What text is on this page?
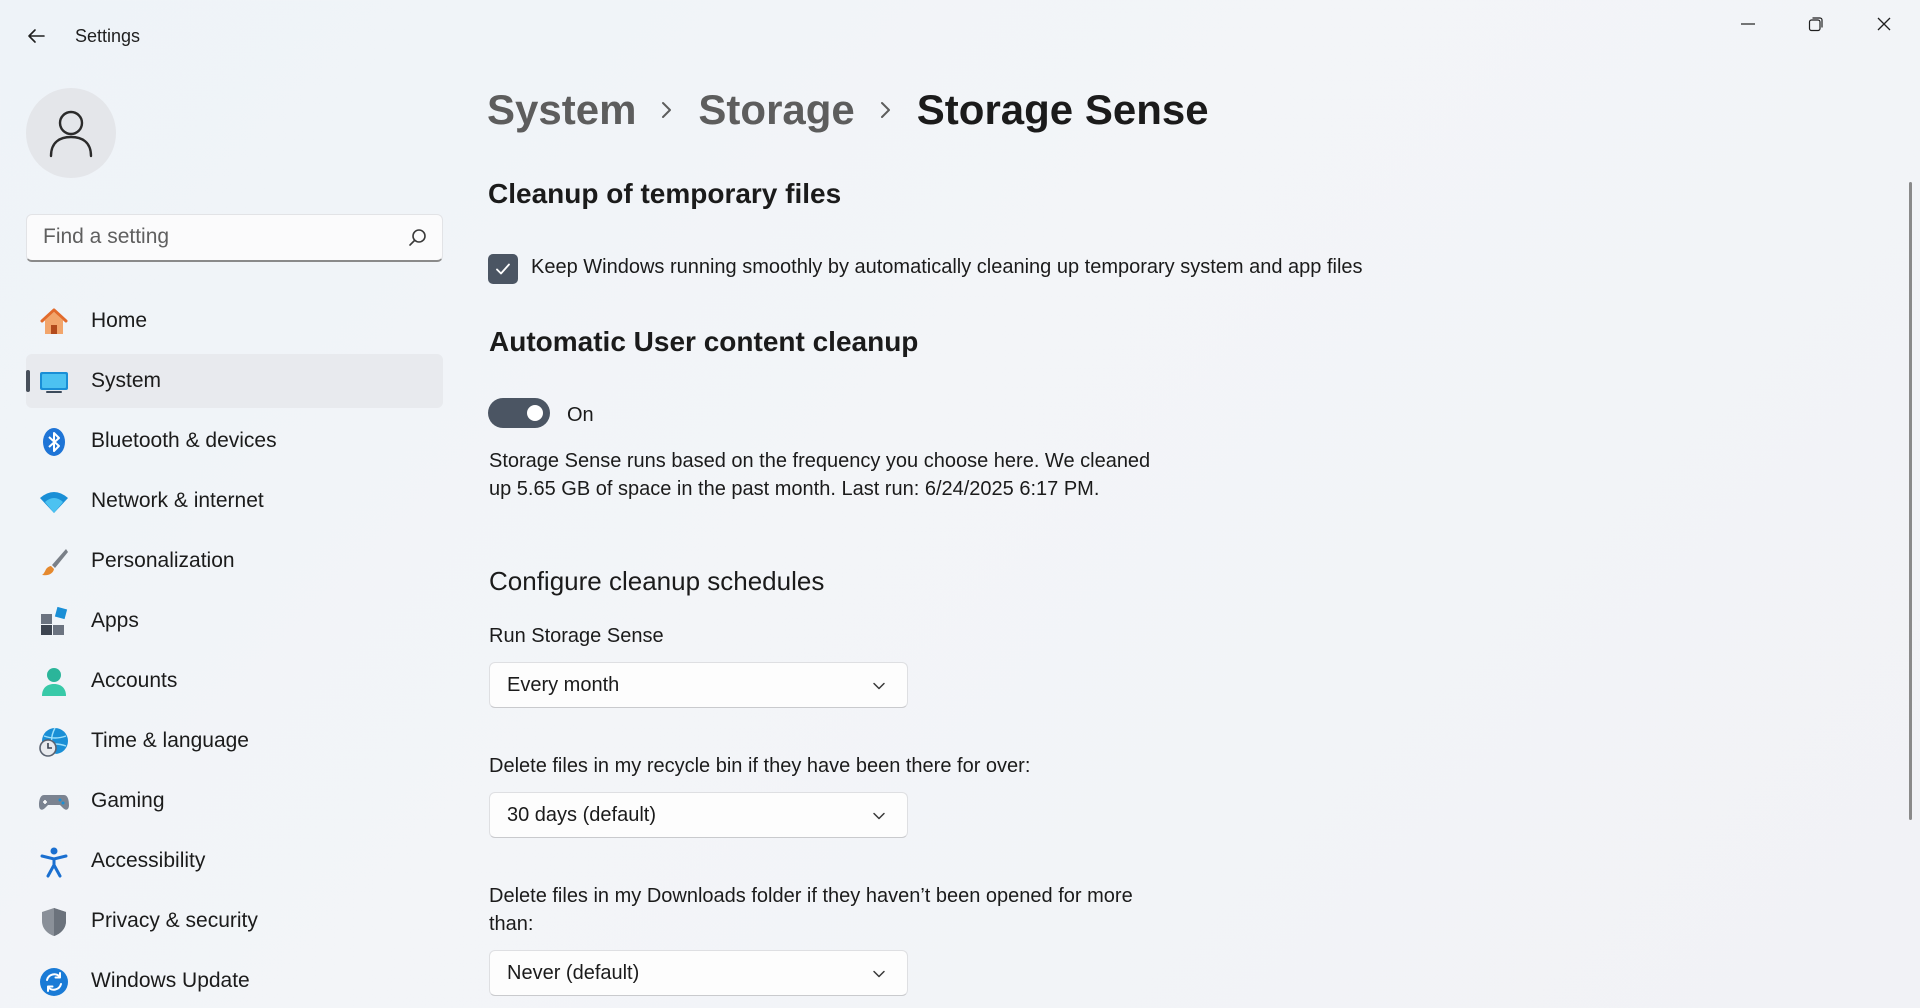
Settings
Find a setting
Home
System
Bluetooth & devices
Network & internet
Personalization
Apps
Accounts
Time & language
Gaming
Accessibility
Privacy & security
Windows Update
System Storage Storage Sense
Cleanup of temporary files
Keep Windows running smoothly by automatically cleaning up temporary system and app files
Automatic User content cleanup
On
Storage Sense runs based on the frequency you choose here. We cleaned up 5.65 GB of space in the past month. Last run: 6/24/2025 6:17 PM.
Configure cleanup schedules
Run Storage Sense
Every month
Delete files in my recycle bin if they have been there for over:
30 days (default)
Delete files in my Downloads folder if they haven’t been opened for more than:
Never (default)
